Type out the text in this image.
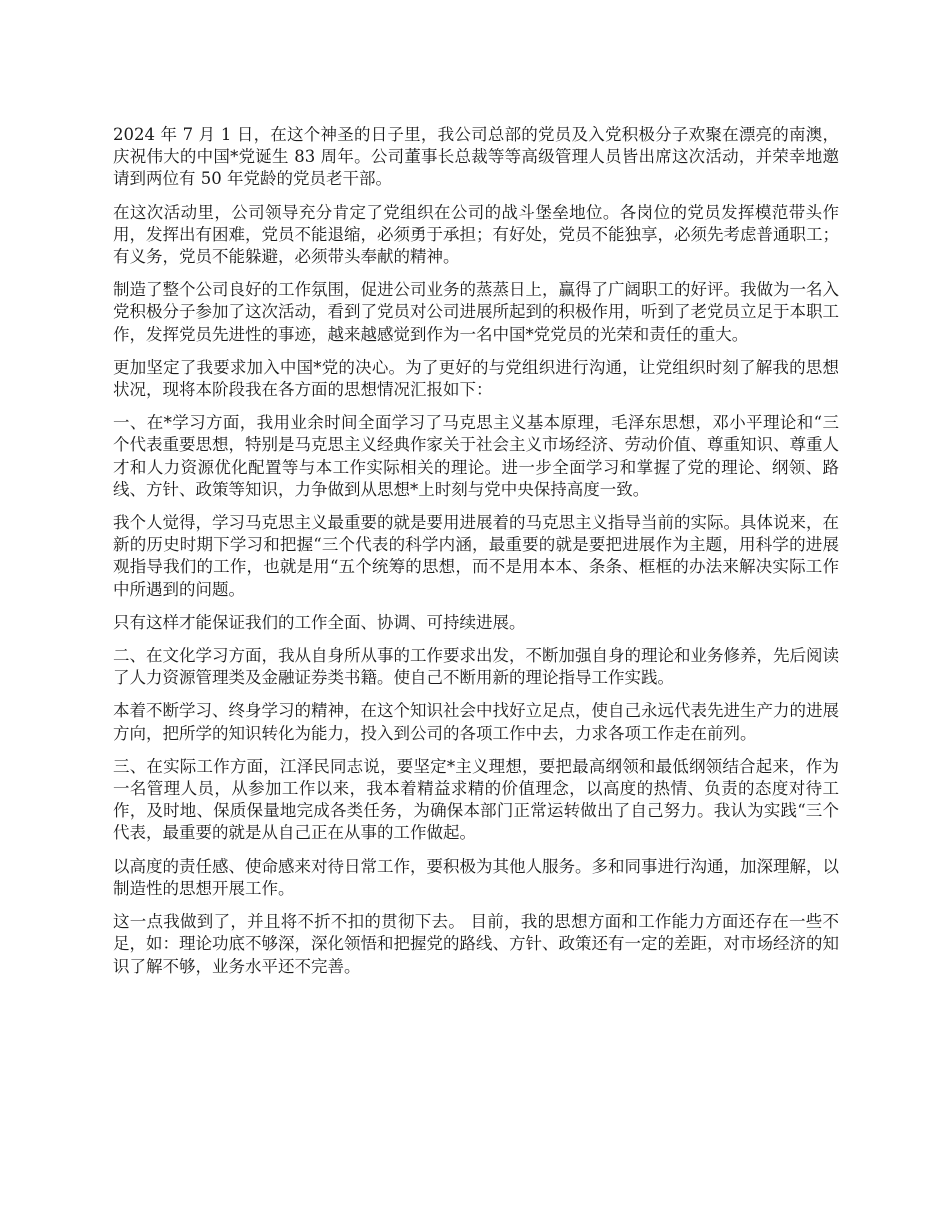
2024 年 7 月 1 日，在这个神圣的日子里，我公司总部的党员及入党积极分子欢聚在漂亮的南澳，庆祝伟大的中国*党诞生 83 周年。公司董事长总裁等等高级管理人员皆出席这次活动，并荣幸地邀请到两位有 50 年党龄的党员老干部。

在这次活动里，公司领导充分肯定了党组织在公司的战斗堡垒地位。各岗位的党员发挥模范带头作用，发挥出有困难，党员不能退缩，必须勇于承担；有好处，党员不能独享，必须先考虑普通职工；有义务，党员不能躲避，必须带头奉献的精神。

制造了整个公司良好的工作氛围，促进公司业务的蒸蒸日上，赢得了广阔职工的好评。我做为一名入党积极分子参加了这次活动，看到了党员对公司进展所起到的积极作用，听到了老党员立足于本职工作，发挥党员先进性的事迹，越来越感觉到作为一名中国*党党员的光荣和责任的重大。

更加坚定了我要求加入中国*党的决心。为了更好的与党组织进行沟通，让党组织时刻了解我的思想状况，现将本阶段我在各方面的思想情况汇报如下：

一、在*学习方面，我用业余时间全面学习了马克思主义基本原理，毛泽东思想，邓小平理论和“三个代表重要思想，特别是马克思主义经典作家关于社会主义市场经济、劳动价值、尊重知识、尊重人才和人力资源优化配置等与本工作实际相关的理论。进一步全面学习和掌握了党的理论、纲领、路线、方针、政策等知识，力争做到从思想*上时刻与党中央保持高度一致。

我个人觉得，学习马克思主义最重要的就是要用进展着的马克思主义指导当前的实际。具体说来，在新的历史时期下学习和把握“三个代表的科学内涵，最重要的就是要把进展作为主题，用科学的进展观指导我们的工作，也就是用“五个统筹的思想，而不是用本本、条条、框框的办法来解决实际工作中所遇到的问题。

只有这样才能保证我们的工作全面、协调、可持续进展。

二、在文化学习方面，我从自身所从事的工作要求出发，不断加强自身的理论和业务修养，先后阅读了人力资源管理类及金融证券类书籍。使自己不断用新的理论指导工作实践。

本着不断学习、终身学习的精神，在这个知识社会中找好立足点，使自己永远代表先进生产力的进展方向，把所学的知识转化为能力，投入到公司的各项工作中去，力求各项工作走在前列。

三、在实际工作方面，江泽民同志说，要坚定*主义理想，要把最高纲领和最低纲领结合起来，作为一名管理人员，从参加工作以来，我本着精益求精的价值理念，以高度的热情、负责的态度对待工作，及时地、保质保量地完成各类任务，为确保本部门正常运转做出了自己努力。我认为实践“三个代表，最重要的就是从自己正在从事的工作做起。

以高度的责任感、使命感来对待日常工作，要积极为其他人服务。多和同事进行沟通，加深理解，以制造性的思想开展工作。

这一点我做到了，并且将不折不扣的贯彻下去。 目前，我的思想方面和工作能力方面还存在一些不足，如：理论功底不够深，深化领悟和把握党的路线、方针、政策还有一定的差距，对市场经济的知识了解不够，业务水平还不完善。
